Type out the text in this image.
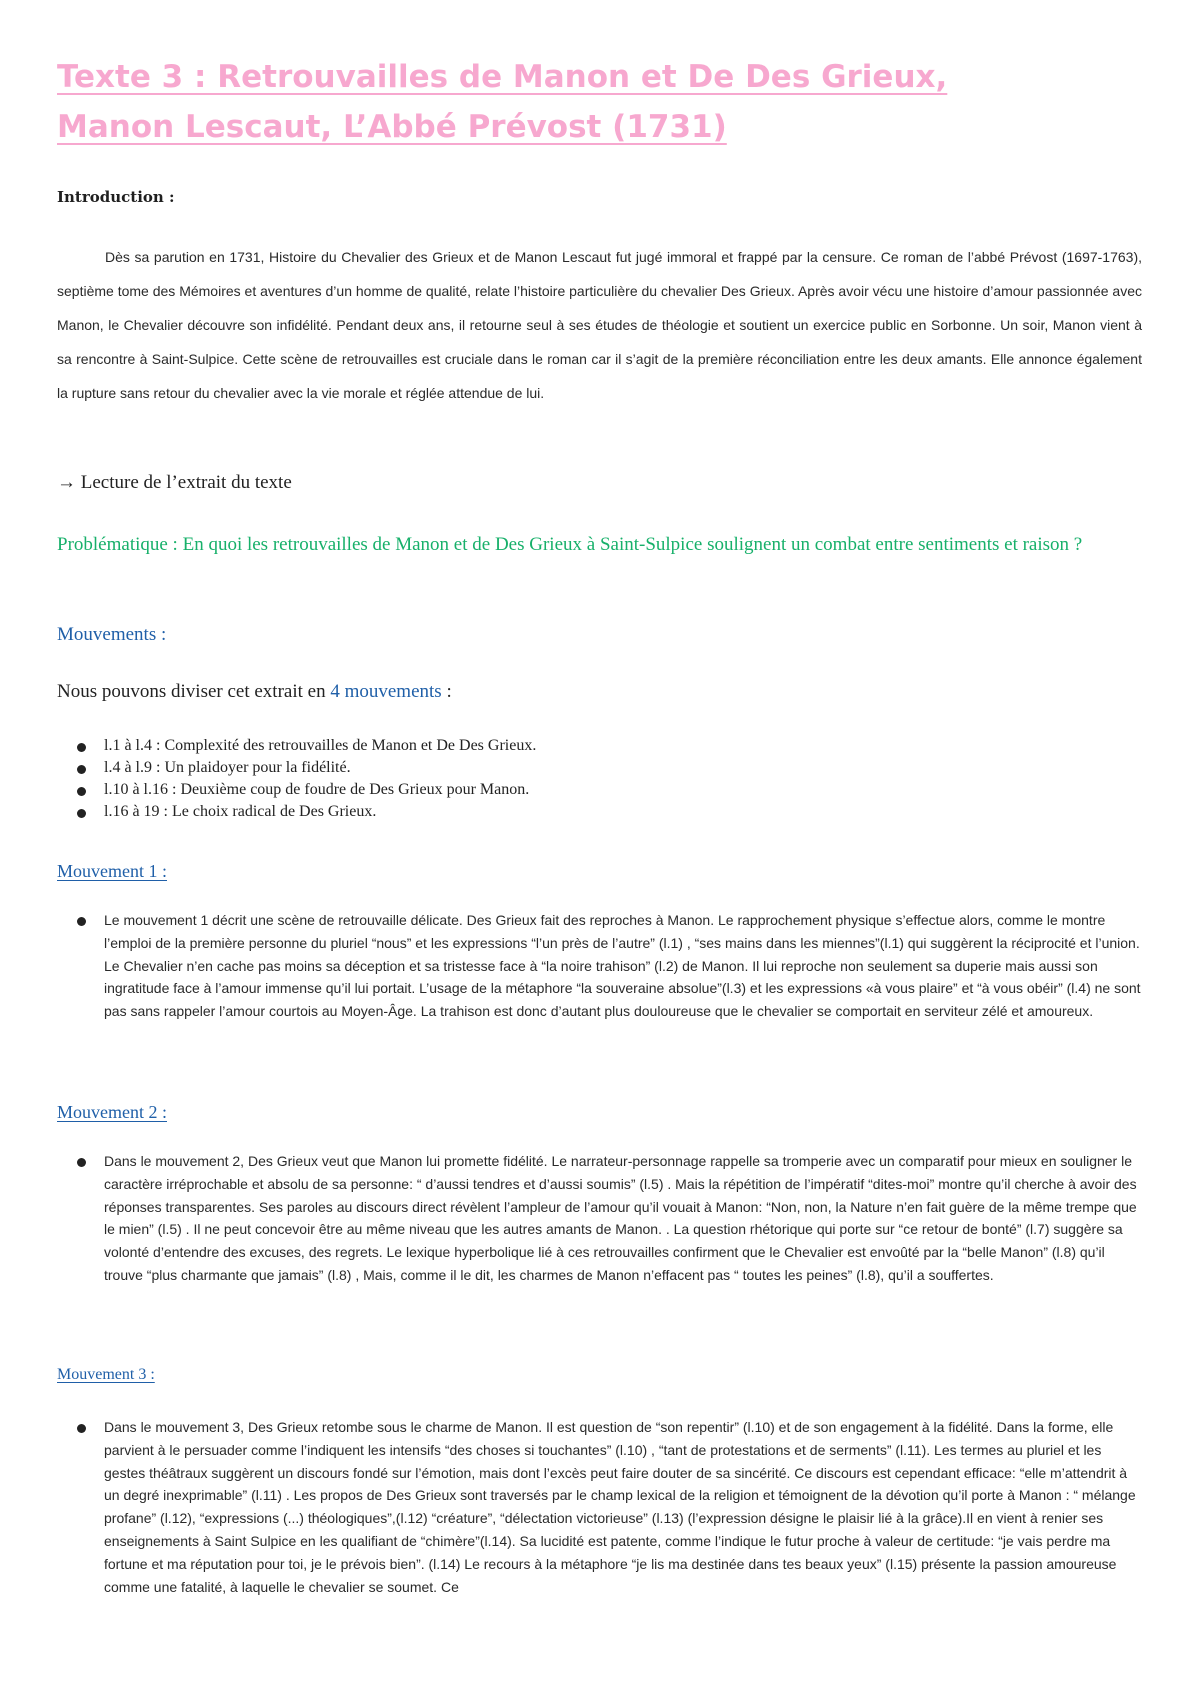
Texte 3 : Retrouvailles de Manon et De Des Grieux, Manon Lescaut, L’Abbé Prévost (1731)
Introduction :

Dès sa parution en 1731, Histoire du Chevalier des Grieux et de Manon Lescaut fut jugé immoral et frappé par la censure. Ce roman de l’abbé Prévost (1697-1763), septième tome des Mémoires et aventures d’un homme de qualité, relate l’histoire particulière du chevalier Des Grieux. Après avoir vécu une histoire d’amour passionnée avec Manon, le Chevalier découvre son infidélité. Pendant deux ans, il retourne seul à ses études de théologie et soutient un exercice public en Sorbonne. Un soir, Manon vient à sa rencontre à Saint-Sulpice. Cette scène de retrouvailles est cruciale dans le roman car il s’agit de la première réconciliation entre les deux amants. Elle annonce également la rupture sans retour du chevalier avec la vie morale et réglée attendue de lui.

→ Lecture de l’extrait du texte

Problématique : En quoi les retrouvailles de Manon et de Des Grieux à Saint-Sulpice soulignent un combat entre sentiments et raison ?

Mouvements :
Nous pouvons diviser cet extrait en 4 mouvements :
l.1 à l.4 : Complexité des retrouvailles de Manon et De Des Grieux.
l.4 à l.9 : Un plaidoyer pour la fidélité.
l.10 à l.16 : Deuxième coup de foudre de Des Grieux pour Manon.
l.16 à 19 : Le choix radical de Des Grieux.
Mouvement 1 :
Le mouvement 1 décrit une scène de retrouvaille délicate. Des Grieux fait des reproches à Manon. Le rapprochement physique s’effectue alors, comme le montre l’emploi de la première personne du pluriel “nous” et les expressions “l’un près de l’autre” (l.1) , “ses mains dans les miennes”(l.1) qui suggèrent la réciprocité et l’union. Le Chevalier n’en cache pas moins sa déception et sa tristesse face à “la noire trahison” (l.2) de Manon. Il lui reproche non seulement sa duperie mais aussi son ingratitude face à l’amour immense qu’il lui portait. L’usage de la métaphore “la souveraine absolue”(l.3) et les expressions «à vous plaire” et “à vous obéir” (l.4) ne sont pas sans rappeler l’amour courtois au Moyen-Âge. La trahison est donc d’autant plus douloureuse que le chevalier se comportait en serviteur zélé et amoureux.
Mouvement 2 :
Dans le mouvement 2, Des Grieux veut que Manon lui promette fidélité. Le narrateur-personnage rappelle sa tromperie avec un comparatif pour mieux en souligner le caractère irréprochable et absolu de sa personne: “ d’aussi tendres et d’aussi soumis” (l.5) . Mais la répétition de l’impératif “dites-moi” montre qu’il cherche à avoir des réponses transparentes. Ses paroles au discours direct révèlent l’ampleur de l’amour qu’il vouait à Manon: “Non, non, la Nature n’en fait guère de la même trempe que le mien” (l.5) . Il ne peut concevoir être au même niveau que les autres amants de Manon. . La question rhétorique qui porte sur “ce retour de bonté” (l.7) suggère sa volonté d’entendre des excuses, des regrets. Le lexique hyperbolique lié à ces retrouvailles confirment que le Chevalier est envoûté par la “belle Manon” (l.8) qu’il trouve “plus charmante que jamais” (l.8) , Mais, comme il le dit, les charmes de Manon n’effacent pas “ toutes les peines” (l.8), qu’il a souffertes.
Mouvement 3 :
Dans le mouvement 3, Des Grieux retombe sous le charme de Manon. Il est question de “son repentir” (l.10) et de son engagement à la fidélité. Dans la forme, elle parvient à le persuader comme l’indiquent les intensifs “des choses si touchantes” (l.10) , “tant de protestations et de serments” (l.11). Les termes au pluriel et les gestes théâtraux suggèrent un discours fondé sur l’émotion, mais dont l’excès peut faire douter de sa sincérité. Ce discours est cependant efficace: “elle m’attendrit à un degré inexprimable” (l.11) . Les propos de Des Grieux sont traversés par le champ lexical de la religion et témoignent de la dévotion qu’il porte à Manon : “ mélange profane” (l.12), “expressions (...) théologiques”,(l.12) “créature”, “délectation victorieuse” (l.13) (l’expression désigne le plaisir lié à la grâce).Il en vient à renier ses enseignements à Saint Sulpice en les qualifiant de “chimère”(l.14). Sa lucidité est patente, comme l’indique le futur proche à valeur de certitude: “je vais perdre ma fortune et ma réputation pour toi, je le prévois bien”. (l.14) Le recours à la métaphore “je lis ma destinée dans tes beaux yeux” (l.15) présente la passion amoureuse comme une fatalité, à laquelle le chevalier se soumet. Ce
